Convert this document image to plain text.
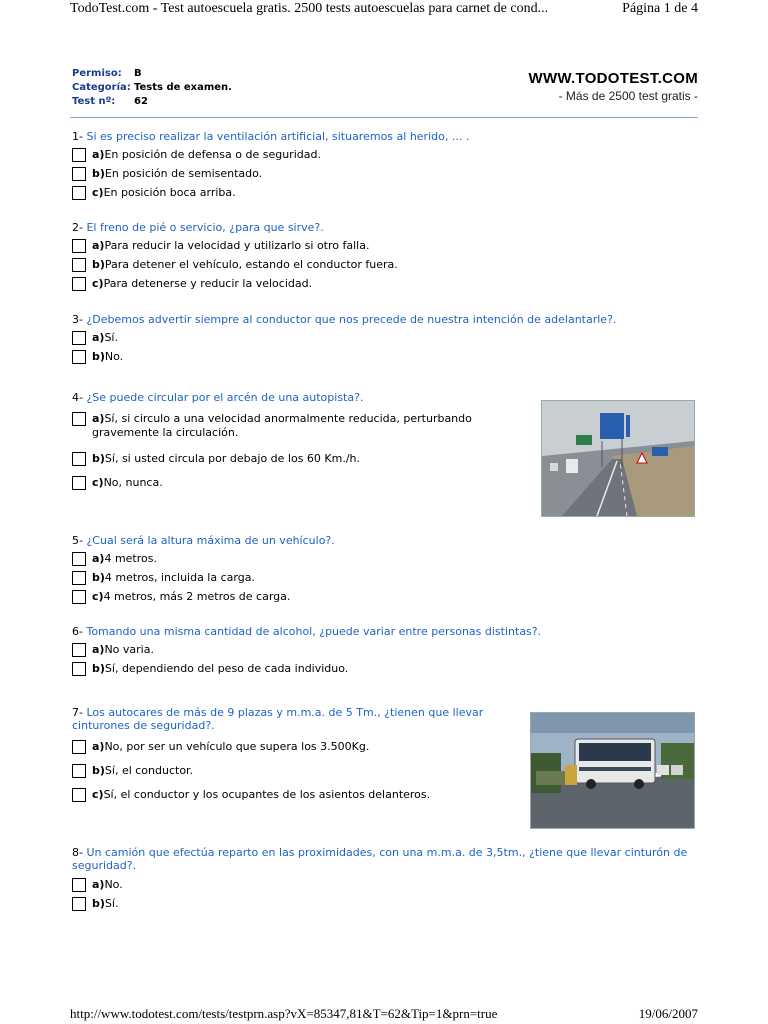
TodoTest.com - Test autoescuela gratis. 2500 tests autoescuelas para carnet de cond...	Página 1 de 4
Permiso:	B
Categoría: Tests de examen.
Test nº:	62
WWW.TODOTEST.COM
- Más de 2500 test gratis -
1- Si es preciso realizar la ventilación artificial, situaremos al herido, ... .
a) En posición de defensa o de seguridad.
b) En posición de semisentado.
c) En posición boca arriba.
2- El freno de pié o servicio, ¿para que sirve?.
a) Para reducir la velocidad y utilizarlo si otro falla.
b) Para detener el vehículo, estando el conductor fuera.
c) Para detenerse y reducir la velocidad.
3- ¿Debemos advertir siempre al conductor que nos precede de nuestra intención de adelantarle?.
a) Sí.
b) No.
4- ¿Se puede circular por el arcén de una autopista?.
a)Sí, si circulo a una velocidad anormalmente reducida, perturbando gravemente la circulación.
b) Sí, si usted circula por debajo de los 60 Km./h.
c) No, nunca.
5- ¿Cual será la altura máxima de un vehículo?.
a) 4 metros.
b) 4 metros, incluida la carga.
c) 4 metros, más 2 metros de carga.
6- Tomando una misma cantidad de alcohol, ¿puede variar entre personas distintas?.
a) No varia.
b) Sí, dependiendo del peso de cada individuo.
7- Los autocares de más de 9 plazas y m.m.a. de 5 Tm., ¿tienen que llevar cinturones de seguridad?.
a) No, por ser un vehículo que supera los 3.500Kg.
b) Sí, el conductor.
c) Sí, el conductor y los ocupantes de los asientos delanteros.
8- Un camión que efectúa reparto en las proximidades, con una m.m.a. de 3,5tm., ¿tiene que llevar cinturón de seguridad?.
a) No.
b) Sí.
http://www.todotest.com/tests/testprn.asp?vX=85347,81&T=62&Tip=1&prn=true	19/06/2007
